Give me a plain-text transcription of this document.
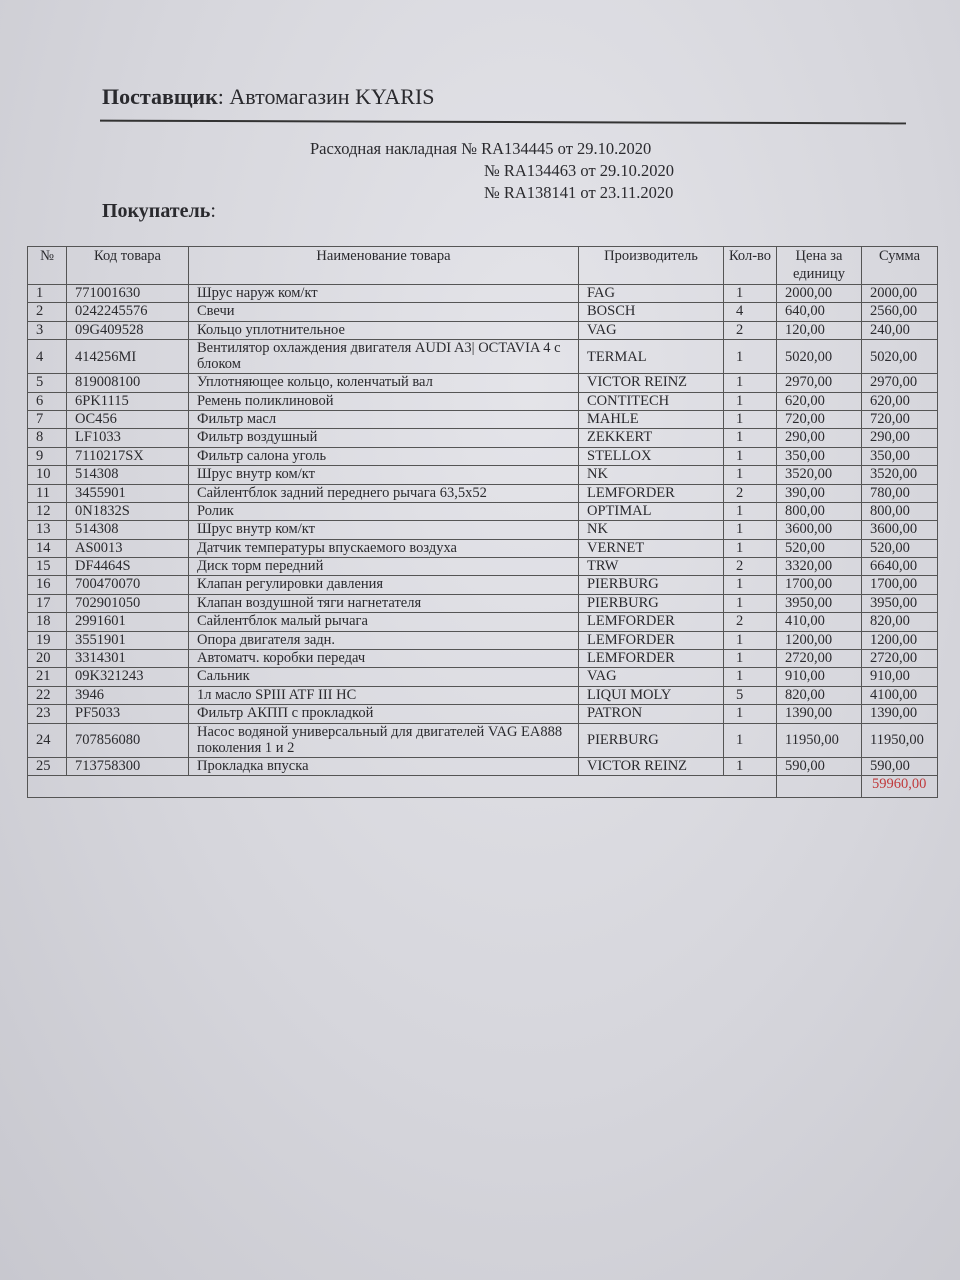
Поставщик: Автомагазин KYARIS
Расходная накладная № RA134445 от 29.10.2020
№ RA134463 от 29.10.2020
№ RA138141 от 23.11.2020
Покупатель:
№	Код товара	Наименование товара	Производитель	Кол-во	Цена за единицу	Сумма
1	771001630	Шрус наруж ком/кт	FAG	1	2000,00	2000,00
2	0242245576	Свечи	BOSCH	4	640,00	2560,00
3	09G409528	Кольцо уплотнительное	VAG	2	120,00	240,00
4	414256MI	Вентилятор охлаждения двигателя AUDI A3| OCTAVIA 4 с блоком	TERMAL	1	5020,00	5020,00
5	819008100	Уплотняющее кольцо, коленчатый вал	VICTOR REINZ	1	2970,00	2970,00
6	6PK1115	Ремень поликлиновой	CONTITECH	1	620,00	620,00
7	OC456	Фильтр масл	MAHLE	1	720,00	720,00
8	LF1033	Фильтр воздушный	ZEKKERT	1	290,00	290,00
9	7110217SX	Фильтр салона уголь	STELLOX	1	350,00	350,00
10	514308	Шрус внутр ком/кт	NK	1	3520,00	3520,00
11	3455901	Сайлентблок задний переднего рычага 63,5x52	LEMFORDER	2	390,00	780,00
12	0N1832S	Ролик	OPTIMAL	1	800,00	800,00
13	514308	Шрус внутр ком/кт	NK	1	3600,00	3600,00
14	AS0013	Датчик температуры впускаемого воздуха	VERNET	1	520,00	520,00
15	DF4464S	Диск торм передний	TRW	2	3320,00	6640,00
16	700470070	Клапан регулировки давления	PIERBURG	1	1700,00	1700,00
17	702901050	Клапан воздушной тяги нагнетателя	PIERBURG	1	3950,00	3950,00
18	2991601	Сайлентблок малый рычага	LEMFORDER	2	410,00	820,00
19	3551901	Опора двигателя задн.	LEMFORDER	1	1200,00	1200,00
20	3314301	Автоматч. коробки передач	LEMFORDER	1	2720,00	2720,00
21	09K321243	Сальник	VAG	1	910,00	910,00
22	3946	1л масло SPIII ATF III HC	LIQUI MOLY	5	820,00	4100,00
23	PF5033	Фильтр АКПП с прокладкой	PATRON	1	1390,00	1390,00
24	707856080	Насос водяной универсальный для двигателей VAG EA888 поколения 1 и 2	PIERBURG	1	11950,00	11950,00
25	713758300	Прокладка впуска	VICTOR REINZ	1	590,00	590,00
						59960,00
